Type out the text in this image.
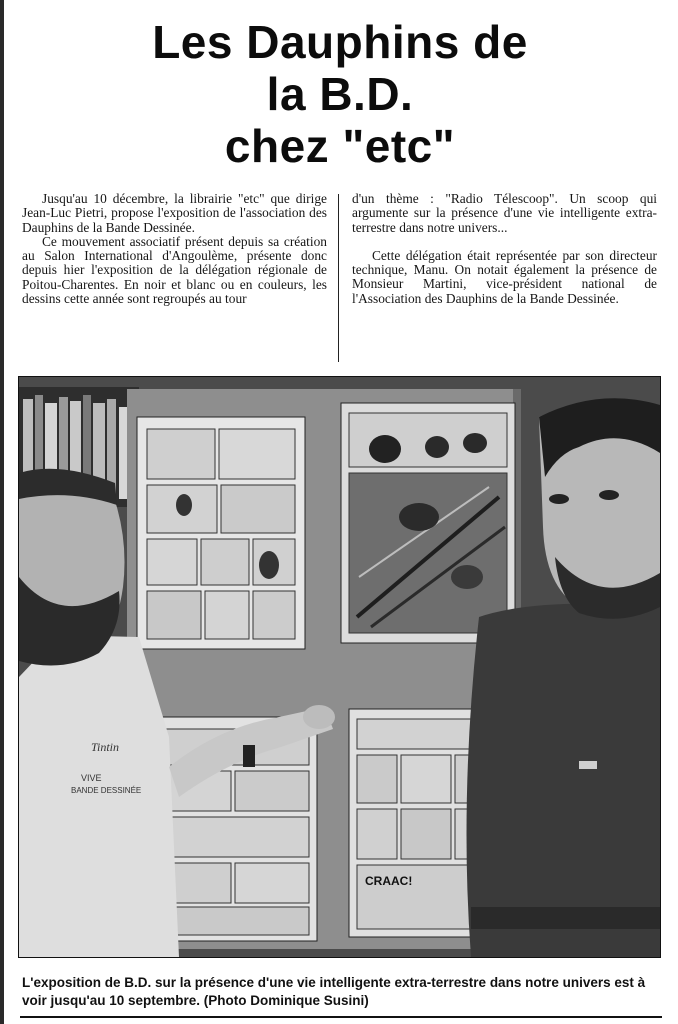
Les Dauphins de
la B.D.
chez "etc"

Jusqu'au 10 décembre, la librairie "etc" que dirige Jean-Luc Pietri, propose l'exposition de l'association des Dauphins de la Bande Dessinée.

Ce mouvement associatif présent depuis sa création au Salon International d'Angoulème, présente donc depuis hier l'exposition de la délégation régionale de Poitou-Charentes. En noir et blanc ou en couleurs, les dessins cette année sont regroupés au tour

d'un thème : "Radio Télescoop". Un scoop qui argumente sur la présence d'une vie intelligente extra-terrestre dans notre univers...

Cette délégation était représentée par son directeur technique, Manu. On notait également la présence de Monsieur Martini, vice-président national de l'Association des Dauphins de la Bande Dessinée.

CRAAC!
Tintin
VIVE
BANDE DESSINÉE
L'exposition de B.D. sur la présence d'une vie intelligente extra-terrestre dans notre univers est à voir jusqu'au 10 septembre. (Photo Dominique Susini)
